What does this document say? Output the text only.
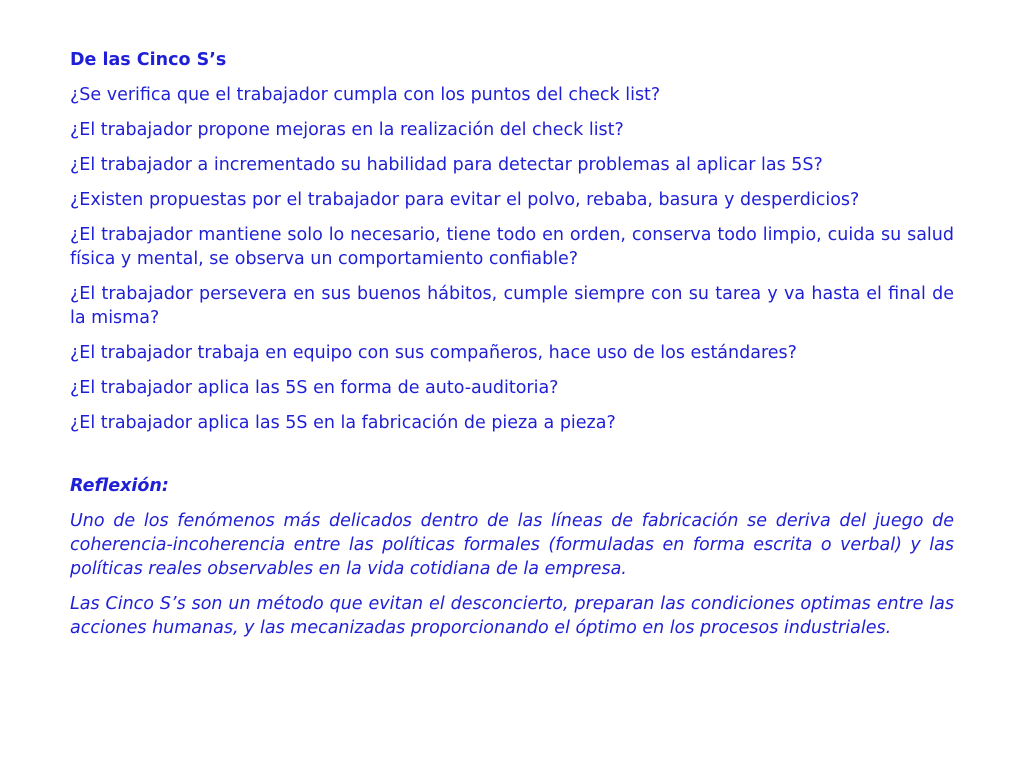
De las Cinco S’s

¿Se verifica que el trabajador cumpla con los puntos del check list?

¿El trabajador propone mejoras en la realización del check list?

¿El trabajador a incrementado su habilidad para detectar problemas al aplicar las 5S?

¿Existen propuestas por el trabajador para evitar el polvo, rebaba, basura y desperdicios?

¿El trabajador mantiene solo lo necesario, tiene todo en orden, conserva todo limpio, cuida su salud física y mental, se observa un comportamiento confiable?

¿El trabajador persevera en sus buenos hábitos, cumple siempre con su tarea y va hasta el final de la misma?

¿El trabajador trabaja en equipo con sus compañeros, hace uso de los estándares?

¿El trabajador aplica las 5S en forma de auto-auditoria?

¿El trabajador aplica las 5S en la fabricación de pieza a pieza?

Reflexión:

Uno de los fenómenos más delicados dentro de las líneas de fabricación se deriva del juego de coherencia-incoherencia entre las políticas formales (formuladas en forma escrita o verbal) y las políticas reales observables en la vida cotidiana de la empresa.

Las Cinco S’s son un método que evitan el desconcierto, preparan las condiciones optimas entre las acciones humanas, y las mecanizadas proporcionando el óptimo en los procesos industriales.
